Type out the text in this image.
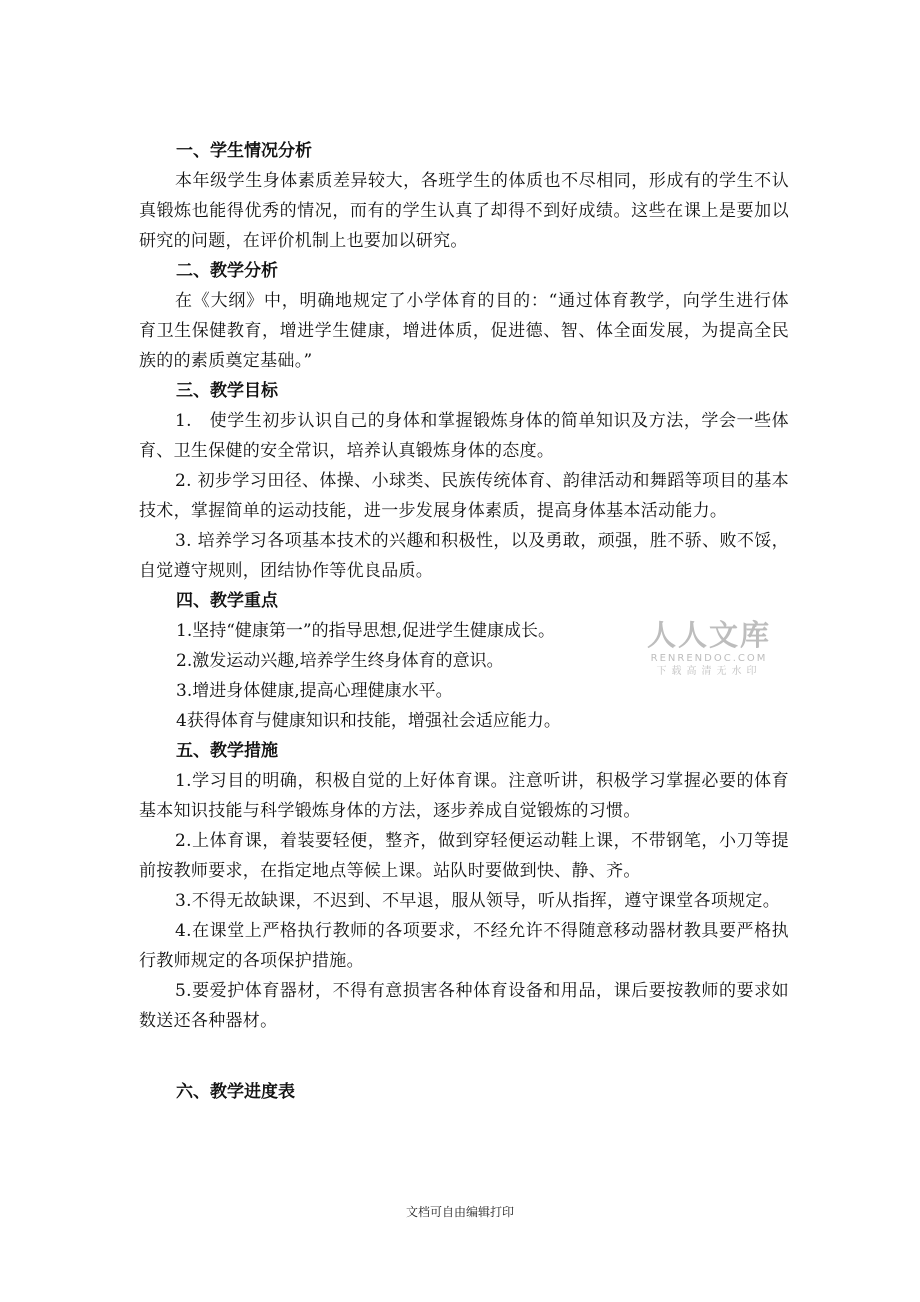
一、学生情况分析
本年级学生身体素质差异较大，各班学生的体质也不尽相同，形成有的学生不认真锻炼也能得优秀的情况，而有的学生认真了却得不到好成绩。这些在课上是要加以研究的问题，在评价机制上也要加以研究。
二、教学分析
在《大纲》中，明确地规定了小学体育的目的：“通过体育教学，向学生进行体育卫生保健教育，增进学生健康，增进体质，促进德、智、体全面发展，为提高全民族的的素质奠定基础。”
三、教学目标
1.　使学生初步认识自己的身体和掌握锻炼身体的简单知识及方法，学会一些体育、卫生保健的安全常识，培养认真锻炼身体的态度。
2. 初步学习田径、体操、小球类、民族传统体育、韵律活动和舞蹈等项目的基本技术，掌握简单的运动技能，进一步发展身体素质，提高身体基本活动能力。
3. 培养学习各项基本技术的兴趣和积极性，以及勇敢，顽强，胜不骄、败不馁，自觉遵守规则，团结协作等优良品质。
四、教学重点
1.坚持“健康第一”的指导思想,促进学生健康成长。
2.激发运动兴趣,培养学生终身体育的意识。
3.增进身体健康,提高心理健康水平。
4获得体育与健康知识和技能，增强社会适应能力。
五、教学措施
1.学习目的明确，积极自觉的上好体育课。注意听讲，积极学习掌握必要的体育基本知识技能与科学锻炼身体的方法，逐步养成自觉锻炼的习惯。
2.上体育课，着装要轻便，整齐，做到穿轻便运动鞋上课，不带钢笔，小刀等提前按教师要求，在指定地点等候上课。站队时要做到快、静、齐。
3.不得无故缺课，不迟到、不早退，服从领导，听从指挥，遵守课堂各项规定。
4.在课堂上严格执行教师的各项要求，不经允许不得随意移动器材教具要严格执行教师规定的各项保护措施。
5.要爱护体育器材，不得有意损害各种体育设备和用品，课后要按教师的要求如数送还各种器材。
六、教学进度表
人人文库
RENRENDOC.COM
下载高清无水印
文档可自由编辑打印
